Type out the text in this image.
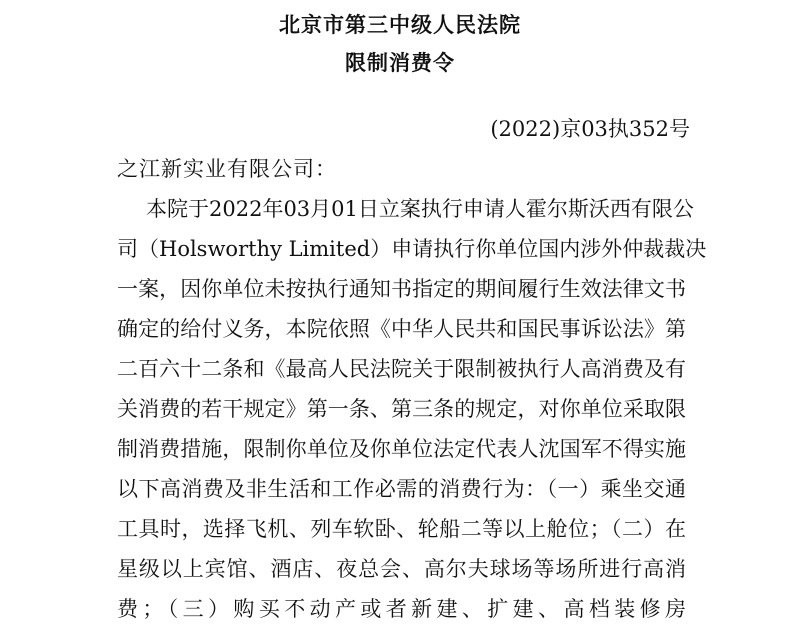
北京市第三中级人民法院
限制消费令
(2022)京03执352号
之江新实业有限公司：
本院于2022年03月01日立案执行申请人霍尔斯沃西有限公
司（Holsworthy Limited）申请执行你单位国内涉外仲裁裁决
一案，因你单位未按执行通知书指定的期间履行生效法律文书
确定的给付义务，本院依照《中华人民共和国民事诉讼法》第
二百六十二条和《最高人民法院关于限制被执行人高消费及有
关消费的若干规定》第一条、第三条的规定，对你单位采取限
制消费措施，限制你单位及你单位法定代表人沈国军不得实施
以下高消费及非生活和工作必需的消费行为：（一）乘坐交通
工具时，选择飞机、列车软卧、轮船二等以上舱位；（二）在
星级以上宾馆、酒店、夜总会、高尔夫球场等场所进行高消
费；（三）购买不动产或者新建、扩建、高档装修房
